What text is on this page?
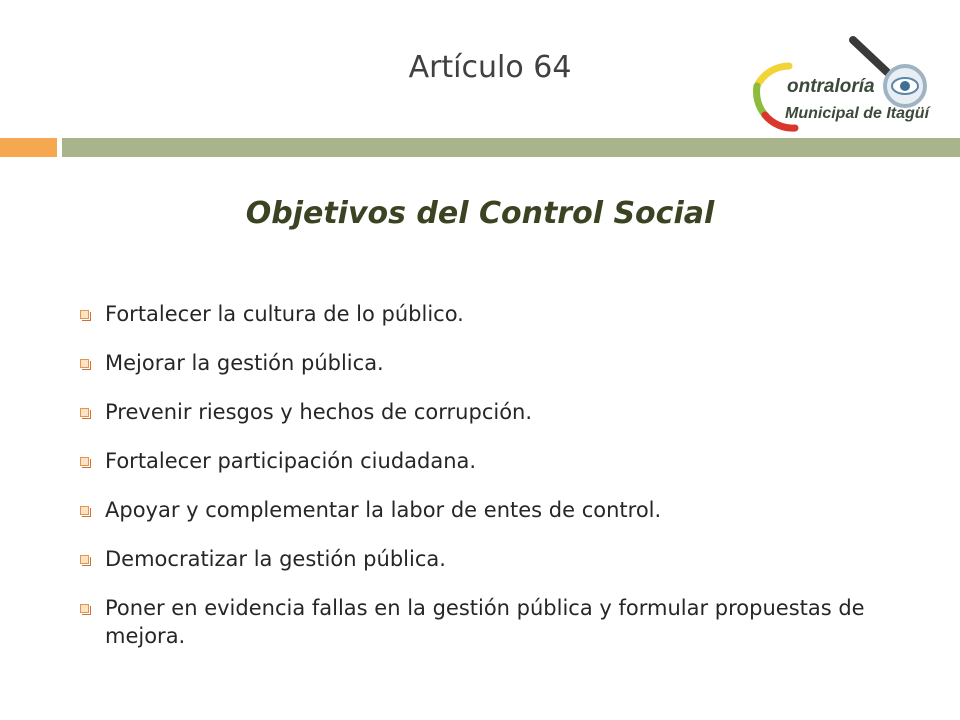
Artículo 64
ontraloría
Municipal de Itagüí
Objetivos del Control Social
Fortalecer la cultura de lo público.
Mejorar la gestión pública.
Prevenir riesgos y hechos de corrupción.
Fortalecer participación ciudadana.
Apoyar y complementar la labor de entes de control.
Democratizar la gestión pública.
Poner en evidencia fallas en la gestión pública y formular propuestas de mejora.
